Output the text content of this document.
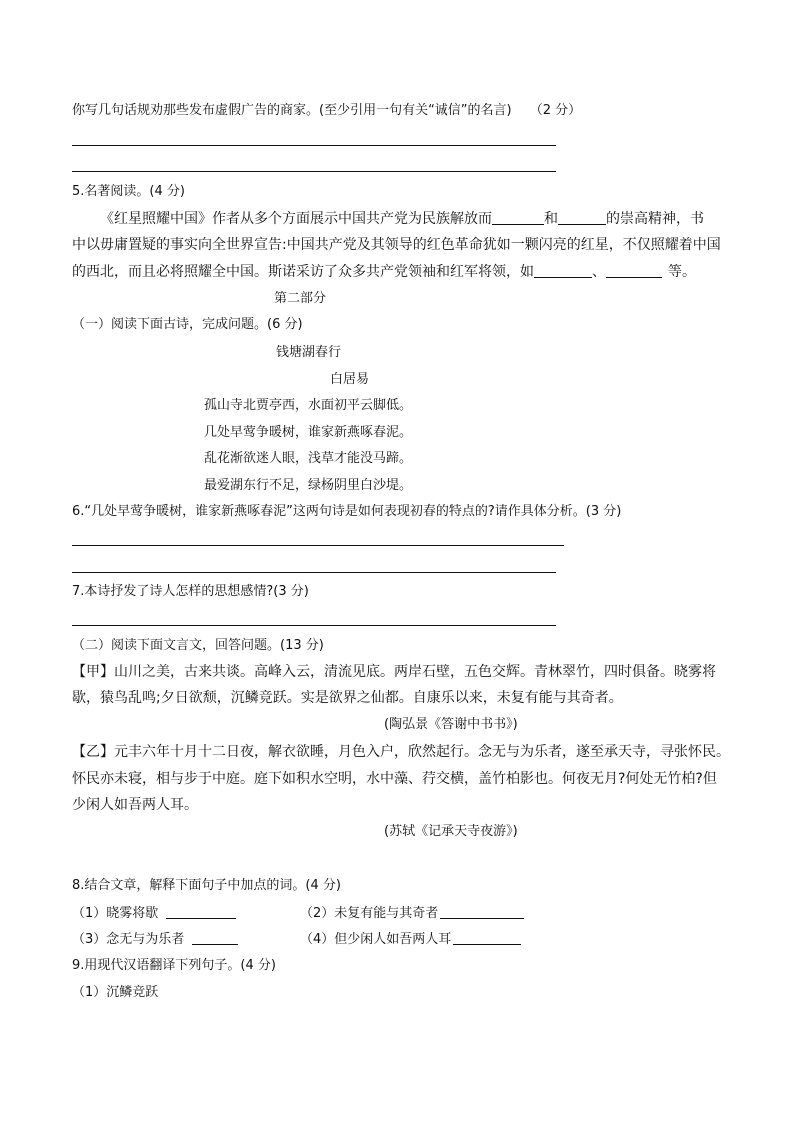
你写几句话规劝那些发布虚假广告的商家。(至少引用一句有关“诚信”的名言) （2 分）
5.名著阅读。(4 分)
《红星照耀中国》作者从多个方面展示中国共产党为民族解放而	和	的崇高精神，书
中以毋庸置疑的事实向全世界宣告:中国共产党及其领导的红色革命犹如一颗闪亮的红星，不仅照耀着中国
的西北，而且必将照耀全中国。斯诺采访了众多共产党领袖和红军将领，如	、	等。
第二部分
（一）阅读下面古诗，完成问题。(6 分)
钱塘湖春行
白居易
孤山寺北贾亭西，水面初平云脚低。
几处早莺争暖树，谁家新燕啄春泥。
乱花渐欲迷人眼，浅草才能没马蹄。
最爱湖东行不足，绿杨阴里白沙堤。
6.“几处早莺争暖树，谁家新燕啄春泥”这两句诗是如何表现初春的特点的?请作具体分析。(3 分)
7.本诗抒发了诗人怎样的思想感情?(3 分)
（二）阅读下面文言文，回答问题。(13 分)
【甲】山川之美，古来共谈。高峰入云，清流见底。两岸石壁，五色交辉。青林翠竹，四时俱备。晓雾将
歇，猿鸟乱鸣;夕日欲颓，沉鳞竞跃。实是欲界之仙都。自康乐以来，未复有能与其奇者。
(陶弘景《答谢中书书》)
【乙】元丰六年十月十二日夜，解衣欲睡，月色入户，欣然起行。念无与为乐者，遂至承天寺，寻张怀民。
怀民亦未寝，相与步于中庭。庭下如积水空明，水中藻、荇交横，盖竹柏影也。何夜无月?何处无竹柏?但
少闲人如吾两人耳。
(苏轼《记承天寺夜游》)
8.结合文章，解释下面句子中加点的词。(4 分)
（1）晓雾将歇	（2）未复有能与其奇者
（3）念无与为乐者	（4）但少闲人如吾两人耳
9.用现代汉语翻译下列句子。(4 分)
（1）沉鳞竞跃
